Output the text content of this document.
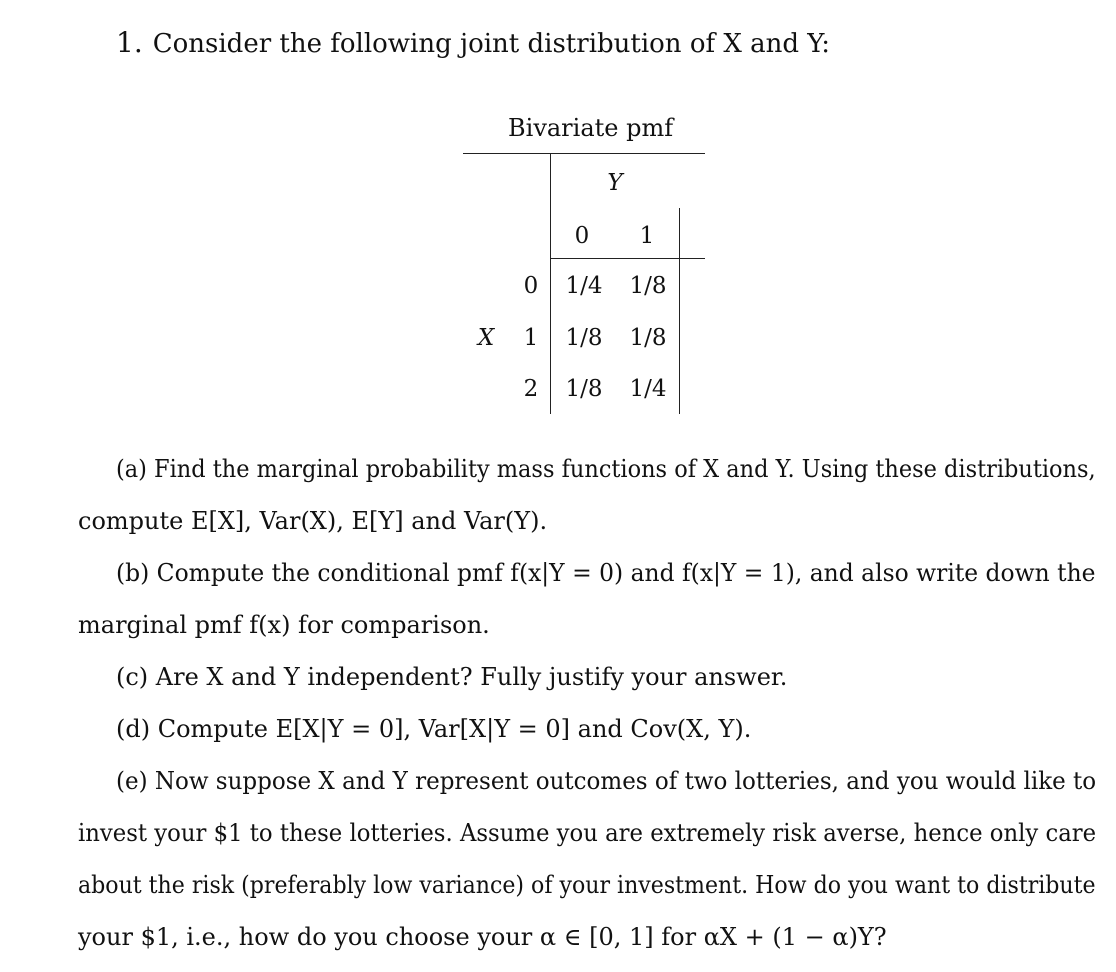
1. Consider the following joint distribution of X and Y:
Bivariate pmf
Y
0 1
X
0
1
2
1/4 1/8
1/8 1/8
1/8 1/4
(a) Find the marginal probability mass functions of X and Y. Using these distributions,
compute E[X], Var(X), E[Y] and Var(Y).
(b) Compute the conditional pmf f(x|Y = 0) and f(x|Y = 1), and also write down the
marginal pmf f(x) for comparison.
(c) Are X and Y independent? Fully justify your answer.
(d) Compute E[X|Y = 0], Var[X|Y = 0] and Cov(X, Y).
(e) Now suppose X and Y represent outcomes of two lotteries, and you would like to
invest your $1 to these lotteries. Assume you are extremely risk averse, hence only care
about the risk (preferably low variance) of your investment. How do you want to distribute
your $1, i.e., how do you choose your α ∈ [0, 1] for αX + (1 − α)Y?
